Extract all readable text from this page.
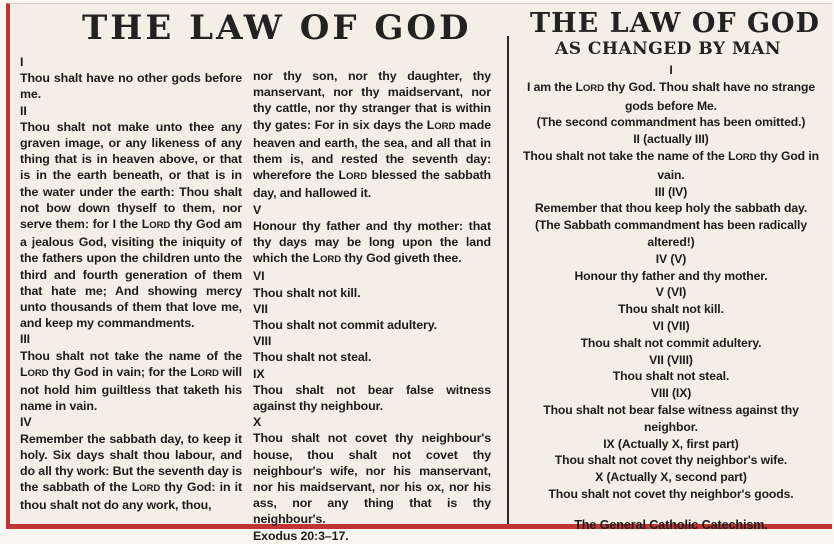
THE LAW OF GOD
I

Thou shalt have no other gods before me.

II

Thou shalt not make unto thee any graven image, or any likeness of any thing that is in heaven above, or that is in the earth beneath, or that is in the water under the earth: Thou shalt not bow down thyself to them, nor serve them: for I the LORD thy God am a jealous God, visiting the iniquity of the fathers upon the children unto the third and fourth generation of them that hate me; And showing mercy unto thousands of them that love me, and keep my commandments.

III

Thou shalt not take the name of the LORD thy God in vain; for the LORD will not hold him guiltless that taketh his name in vain.

IV

Remember the sabbath day, to keep it holy. Six days shalt thou labour, and do all thy work: But the seventh day is the sabbath of the LORD thy God: in it thou shalt not do any work, thou,

nor thy son, nor thy daughter, thy manservant, nor thy maidservant, nor thy cattle, nor thy stranger that is within thy gates: For in six days the LORD made heaven and earth, the sea, and all that in them is, and rested the seventh day: wherefore the LORD blessed the sabbath day, and hallowed it.

V

Honour thy father and thy mother: that thy days may be long upon the land which the LORD thy God giveth thee.

VI

Thou shalt not kill.

VII

Thou shalt not commit adultery.

VIII

Thou shalt not steal.

IX

Thou shalt not bear false witness against thy neighbour.

X

Thou shalt not covet thy neighbour's house, thou shalt not covet thy neighbour's wife, nor his manservant, nor his maidservant, nor his ox, nor his ass, nor any thing that is thy neighbour's.

Exodus 20:3–17.
THE LAW OF GOD
AS CHANGED BY MAN
I
I am the LORD thy God. Thou shalt have no strange gods before Me.
(The second commandment has been omitted.)
II (actually III)
Thou shalt not take the name of the LORD thy God in vain.
III (IV)
Remember that thou keep holy the sabbath day.
(The Sabbath commandment has been radically altered!)
IV (V)
Honour thy father and thy mother.
V (VI)
Thou shalt not kill.
VI (VII)
Thou shalt not commit adultery.
VII (VIII)
Thou shalt not steal.
VIII (IX)
Thou shalt not bear false witness against thy neighbor.
IX (Actually X, first part)
Thou shalt not covet thy neighbor's wife.
X (Actually X, second part)
Thou shalt not covet thy neighbor's goods.
The General Catholic Catechism.
